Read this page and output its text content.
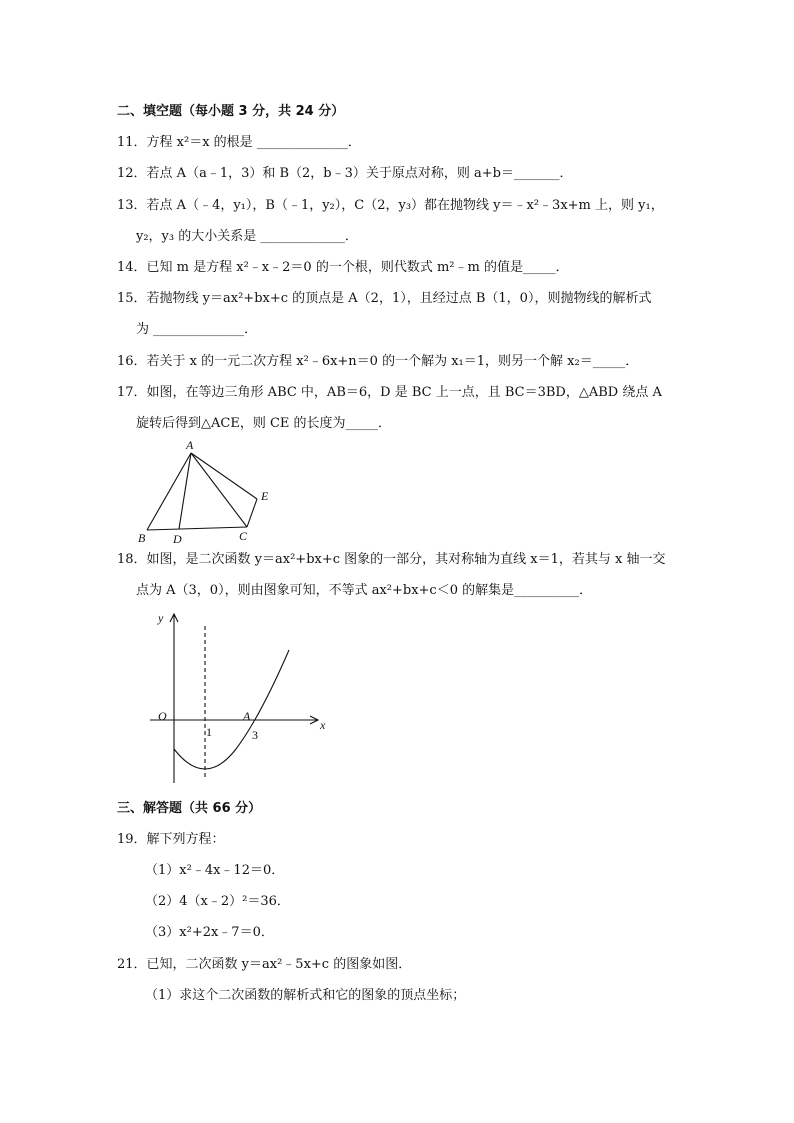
二、填空题（每小题 3 分，共 24 分）
11．方程 x²＝x 的根是 ______________．
12．若点 A（a﹣1，3）和 B（2，b﹣3）关于原点对称，则 a+b＝_______．
13．若点 A（﹣4，y₁），B（﹣1，y₂），C（2，y₃）都在抛物线 y＝﹣x²﹣3x+m 上，则 y₁，
y₂，y₃ 的大小关系是 _____________．
14．已知 m 是方程 x²﹣x﹣2＝0 的一个根，则代数式 m²﹣m 的值是_____．
15．若抛物线 y＝ax²+bx+c 的顶点是 A（2，1），且经过点 B（1，0），则抛物线的解析式
为 ______________．
16．若关于 x 的一元二次方程 x²﹣6x+n＝0 的一个解为 x₁＝1，则另一个解 x₂＝_____．
17．如图，在等边三角形 ABC 中，AB＝6，D 是 BC 上一点，且 BC＝3BD，△ABD 绕点 A
旋转后得到△ACE，则 CE 的长度为_____．
A
B D	C
E
18．如图，是二次函数 y＝ax²+bx+c 图象的一部分，其对称轴为直线 x＝1，若其与 x 轴一交
点为 A（3，0），则由图象可知，不等式 ax²+bx+c＜0 的解集是__________．
y
x
O	A
1	3
三、解答题（共 66 分）
19．解下列方程：
（1）x²﹣4x﹣12＝0．
（2）4（x﹣2）²＝36．
（3）x²+2x﹣7＝0．
21．已知，二次函数 y＝ax²﹣5x+c 的图象如图．
（1）求这个二次函数的解析式和它的图象的顶点坐标；
